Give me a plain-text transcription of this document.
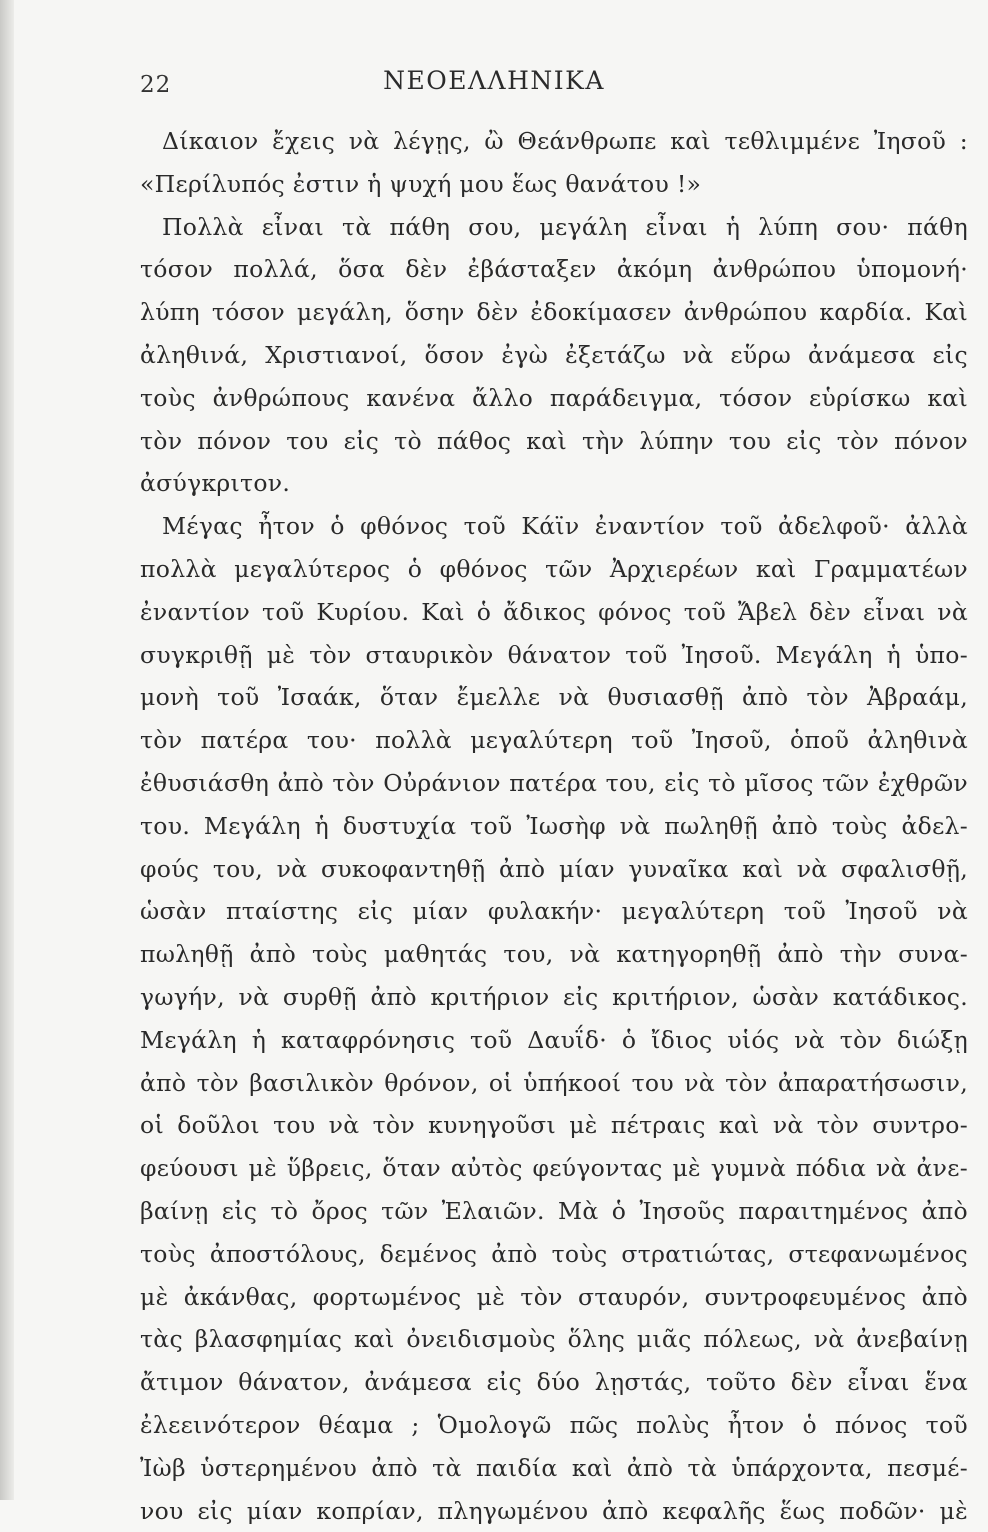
22	ΝΕΟΕΛΛΗΝΙΚΑ
Δίκαιον ἔχεις νὰ λέγῃς, ὢ Θεάνθρωπε καὶ τεθλιμμένε Ἰησοῦ :
«Περίλυπός ἐστιν ἡ ψυχή μου ἕως θανάτου !»
Πολλὰ εἶναι τὰ πάθη σου, μεγάλη εἶναι ἡ λύπη σου· πάθη
τόσον πολλά, ὅσα δὲν ἐβάσταξεν ἀκόμη ἀνθρώπου ὑπομονή·
λύπη τόσον μεγάλη, ὅσην δὲν ἐδοκίμασεν ἀνθρώπου καρδία. Καὶ
ἀληθινά, Χριστιανοί, ὅσον ἐγὼ ἐξετάζω νὰ εὕρω ἀνάμεσα εἰς
τοὺς ἀνθρώπους κανένα ἄλλο παράδειγμα, τόσον εὑρίσκω καὶ
τὸν πόνον του εἰς τὸ πάθος καὶ τὴν λύπην του εἰς τὸν πόνον
ἀσύγκριτον.
Μέγας ἦτον ὁ φθόνος τοῦ Κάϊν ἐναντίον τοῦ ἀδελφοῦ· ἀλλὰ
πολλὰ μεγαλύτερος ὁ φθόνος τῶν Ἀρχιερέων καὶ Γραμματέων
ἐναντίον τοῦ Κυρίου. Καὶ ὁ ἄδικος φόνος τοῦ Ἄβελ δὲν εἶναι νὰ
συγκριθῇ μὲ τὸν σταυρικὸν θάνατον τοῦ Ἰησοῦ. Μεγάλη ἡ ὑπο-
μονὴ τοῦ Ἰσαάκ, ὅταν ἔμελλε νὰ θυσιασθῇ ἀπὸ τὸν Ἀβραάμ,
τὸν πατέρα του· πολλὰ μεγαλύτερη τοῦ Ἰησοῦ, ὁποῦ ἀληθινὰ
ἐθυσιάσθη ἀπὸ τὸν Οὐράνιον πατέρα του, εἰς τὸ μῖσος τῶν ἐχθρῶν
του. Μεγάλη ἡ δυστυχία τοῦ Ἰωσὴφ νὰ πωληθῇ ἀπὸ τοὺς ἀδελ-
φούς του, νὰ συκοφαντηθῇ ἀπὸ μίαν γυναῖκα καὶ νὰ σφαλισθῇ,
ὡσὰν πταίστης εἰς μίαν φυλακήν· μεγαλύτερη τοῦ Ἰησοῦ νὰ
πωληθῇ ἀπὸ τοὺς μαθητάς του, νὰ κατηγορηθῇ ἀπὸ τὴν συνα-
γωγήν, νὰ συρθῇ ἀπὸ κριτήριον εἰς κριτήριον, ὡσὰν κατάδικος.
Μεγάλη ἡ καταφρόνησις τοῦ Δαυΐδ· ὁ ἴδιος υἱός νὰ τὸν διώξῃ
ἀπὸ τὸν βασιλικὸν θρόνον, οἱ ὑπήκοοί του νὰ τὸν ἀπαρατήσωσιν,
οἱ δοῦλοι του νὰ τὸν κυνηγοῦσι μὲ πέτραις καὶ νὰ τὸν συντρο-
φεύουσι μὲ ὕβρεις, ὅταν αὐτὸς φεύγοντας μὲ γυμνὰ πόδια νὰ ἀνε-
βαίνῃ εἰς τὸ ὄρος τῶν Ἐλαιῶν. Μὰ ὁ Ἰησοῦς παραιτημένος ἀπὸ
τοὺς ἀποστόλους, δεμένος ἀπὸ τοὺς στρατιώτας, στεφανωμένος
μὲ ἀκάνθας, φορτωμένος μὲ τὸν σταυρόν, συντροφευμένος ἀπὸ
τὰς βλασφημίας καὶ ὀνειδισμοὺς ὅλης μιᾶς πόλεως, νὰ ἀνεβαίνῃ
ἄτιμον θάνατον, ἀνάμεσα εἰς δύο λῃστάς, τοῦτο δὲν εἶναι ἕνα
ἐλεεινότερον θέαμα ; Ὁμολογῶ πῶς πολὺς ἦτον ὁ πόνος τοῦ
Ἰὼβ ὑστερημένου ἀπὸ τὰ παιδία καὶ ἀπὸ τὰ ὑπάρχοντα, πεσμέ-
νου εἰς μίαν κοπρίαν, πληγωμένου ἀπὸ κεφαλῆς ἕως ποδῶν· μὲ
